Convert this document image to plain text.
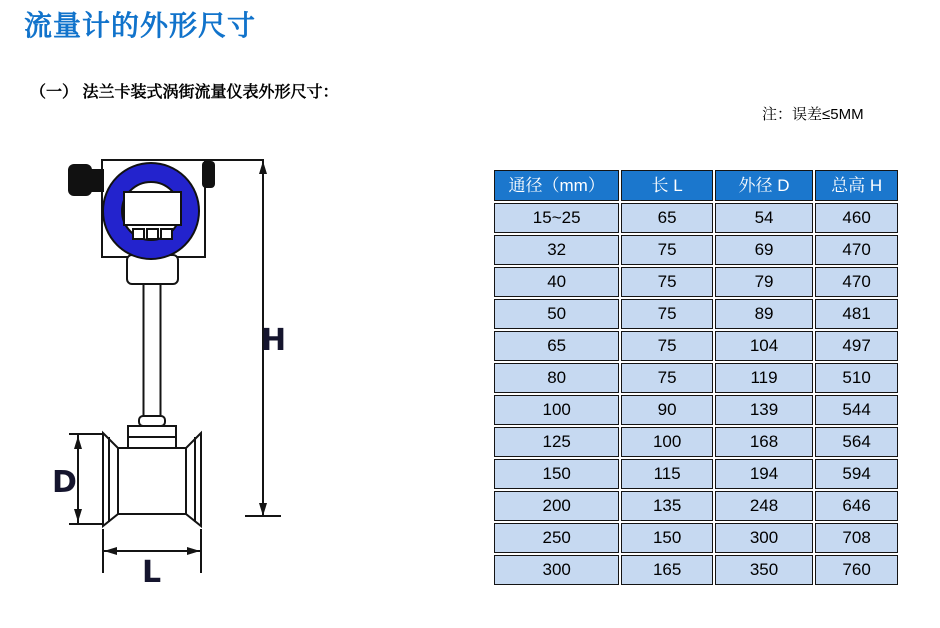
流量计的外形尺寸
（一） 法兰卡装式涡街流量仪表外形尺寸：
注：误差≤5MM
H
D
L
通径（mm）	长 L	外径 D	总高 H
15~25	65	54	460
32	75	69	470
40	75	79	470
50	75	89	481
65	75	104	497
80	75	119	510
100	90	139	544
125	100	168	564
150	115	194	594
200	135	248	646
250	150	300	708
300	165	350	760
